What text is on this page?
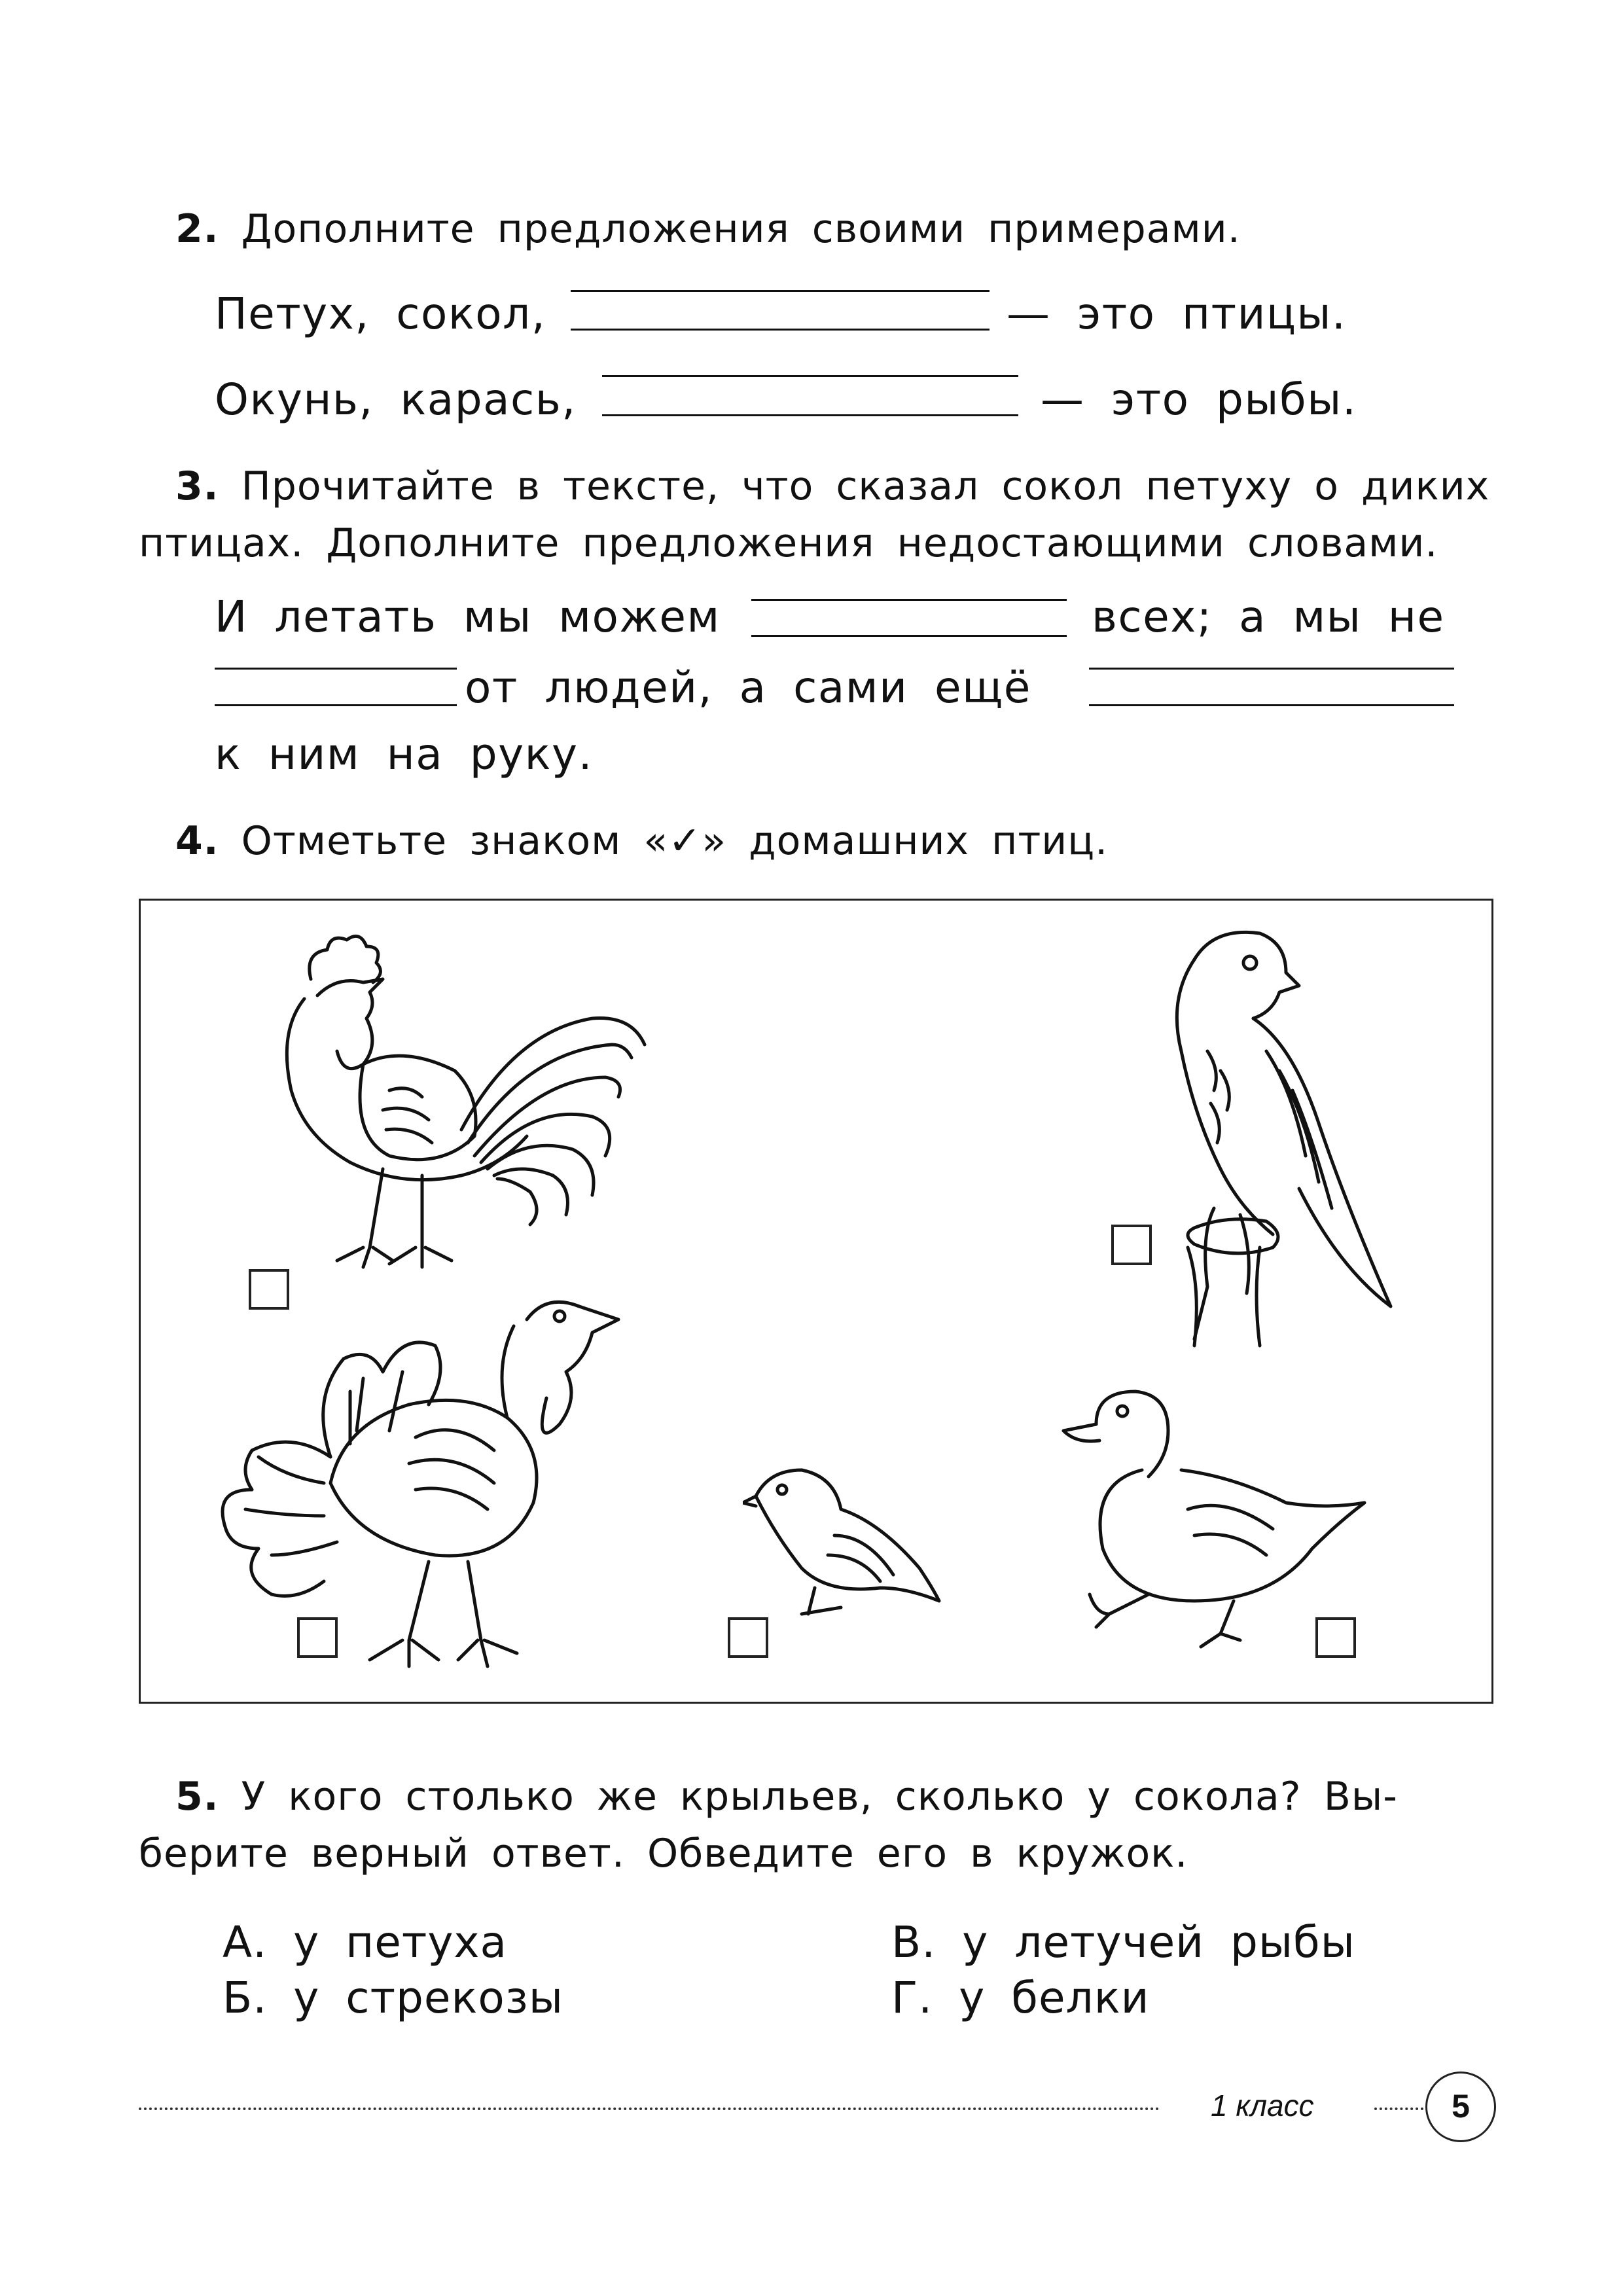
2. Дополните предложения своими примерами.
Петух, сокол,	— это птицы.
Окунь, карась,	— это рыбы.
3. Прочитайте в тексте, что сказал сокол петуху о диких
птицах. Дополните предложения недостающими словами.
И летать мы можем	всех; а мы не
от людей, а сами ещё
к ним на руку.
4. Отметьте знаком «✓» домашних птиц.
5. У кого столько же крыльев, сколько у сокола? Вы-
берите верный ответ. Обведите его в кружок.
А. у петуха	В. у летучей рыбы
Б. у стрекозы	Г. у белки
1 класс	5
